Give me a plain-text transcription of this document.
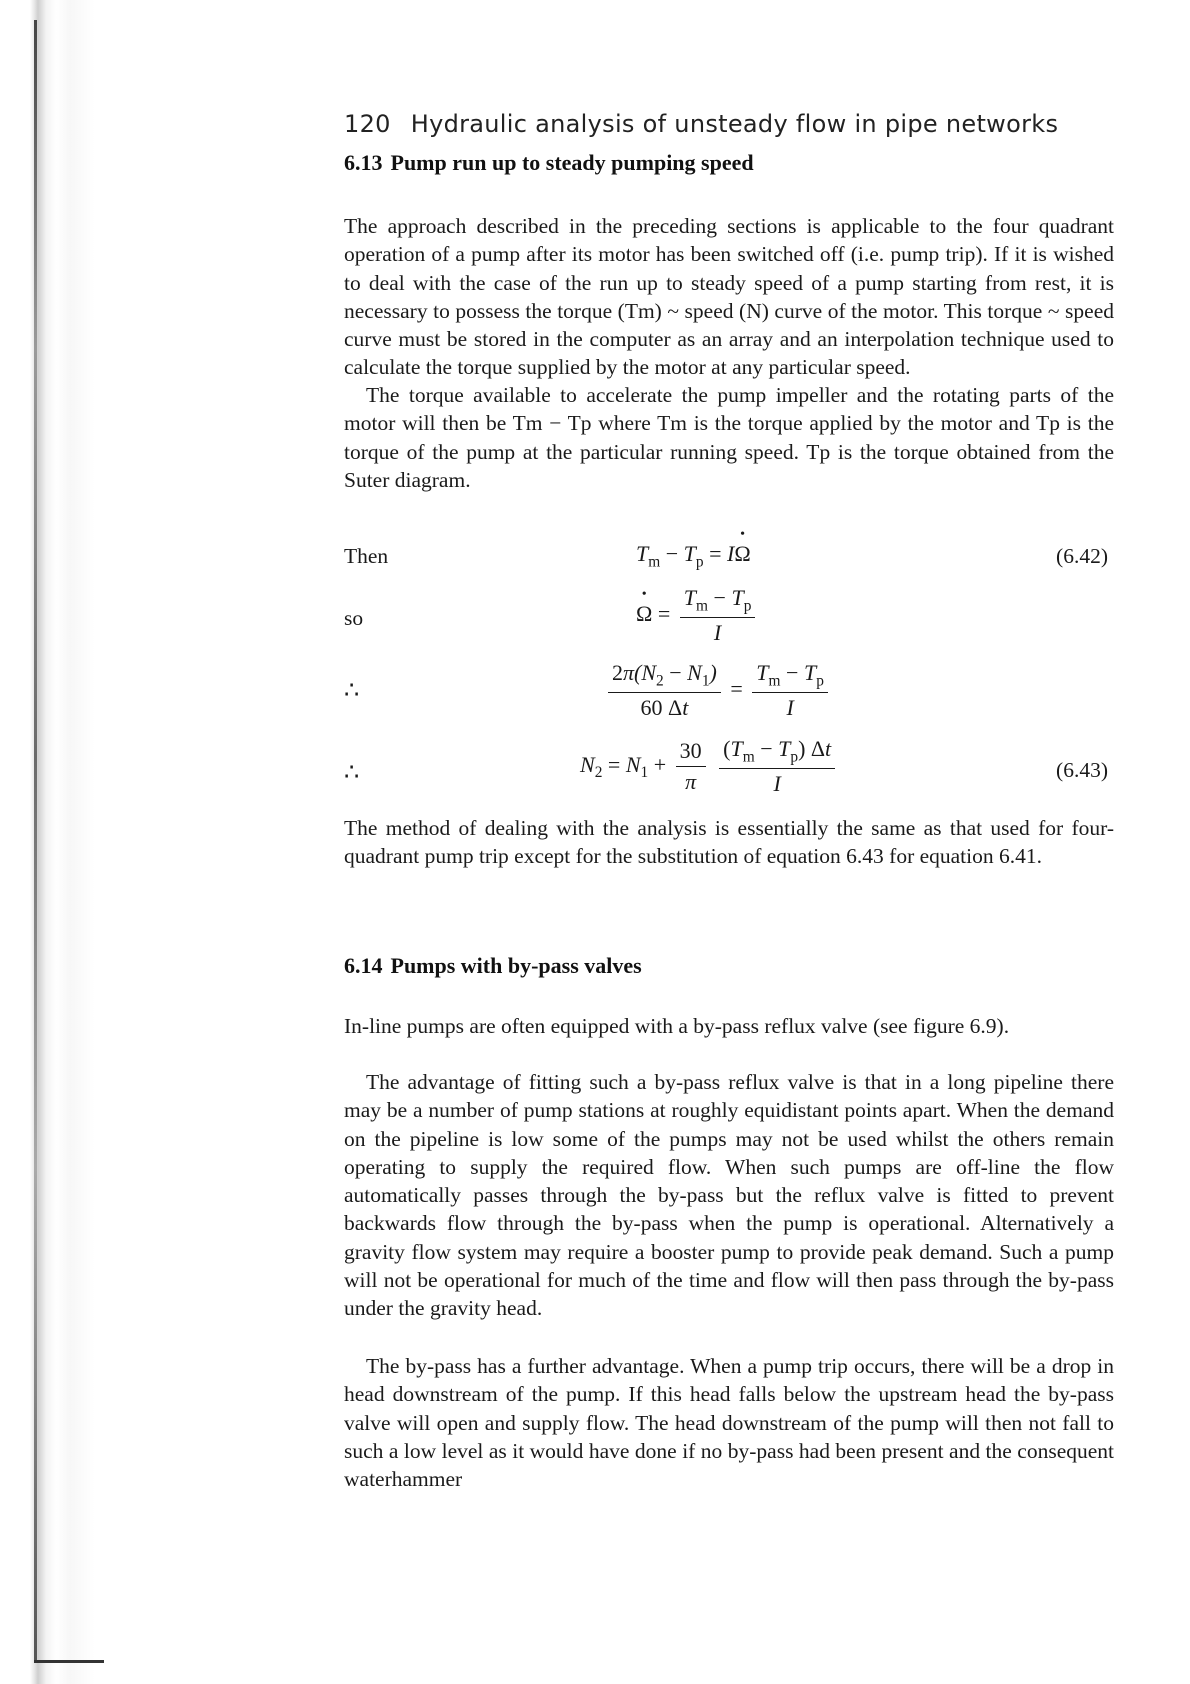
120 Hydraulic analysis of unsteady flow in pipe networks
6.13 Pump run up to steady pumping speed

The approach described in the preceding sections is applicable to the four quadrant operation of a pump after its motor has been switched off (i.e. pump trip). If it is wished to deal with the case of the run up to steady speed of a pump starting from rest, it is necessary to possess the torque (Tm) ~ speed (N) curve of the motor. This torque ~ speed curve must be stored in the computer as an array and an interpolation technique used to calculate the torque supplied by the motor at any particular speed.

The torque available to accelerate the pump impeller and the rotating parts of the motor will then be Tm − Tp where Tm is the torque applied by the motor and Tp is the torque of the pump at the particular running speed. Tp is the torque obtained from the Suter diagram.

Then	$T_m - T_p = I\Omega$ •	(6.42)
so	Ω • = $\frac{T_m - T_p}{I}$
∴	$\frac{2\pi(N_2 - N_1)}{60 \Delta t} = \frac{T_m - T_p}{I}$
∴	$N_2 = N_1 + \frac{30}{\pi}$
$\frac{(T_m - T_p) \Delta t}{I}$	(6.43)

The method of dealing with the analysis is essentially the same as that used for four-quadrant pump trip except for the substitution of equation 6.43 for equation 6.41.

6.14 Pumps with by-pass valves

In-line pumps are often equipped with a by-pass reflux valve (see figure 6.9).

The advantage of fitting such a by-pass reflux valve is that in a long pipeline there may be a number of pump stations at roughly equidistant points apart. When the demand on the pipeline is low some of the pumps may not be used whilst the others remain operating to supply the required flow. When such pumps are off-line the flow automatically passes through the by-pass but the reflux valve is fitted to prevent backwards flow through the by-pass when the pump is operational. Alternatively a gravity flow system may require a booster pump to provide peak demand. Such a pump will not be operational for much of the time and flow will then pass through the by-pass under the gravity head.

The by-pass has a further advantage. When a pump trip occurs, there will be a drop in head downstream of the pump. If this head falls below the upstream head the by-pass valve will open and supply flow. The head downstream of the pump will then not fall to such a low level as it would have done if no by-pass had been present and the consequent waterhammer
